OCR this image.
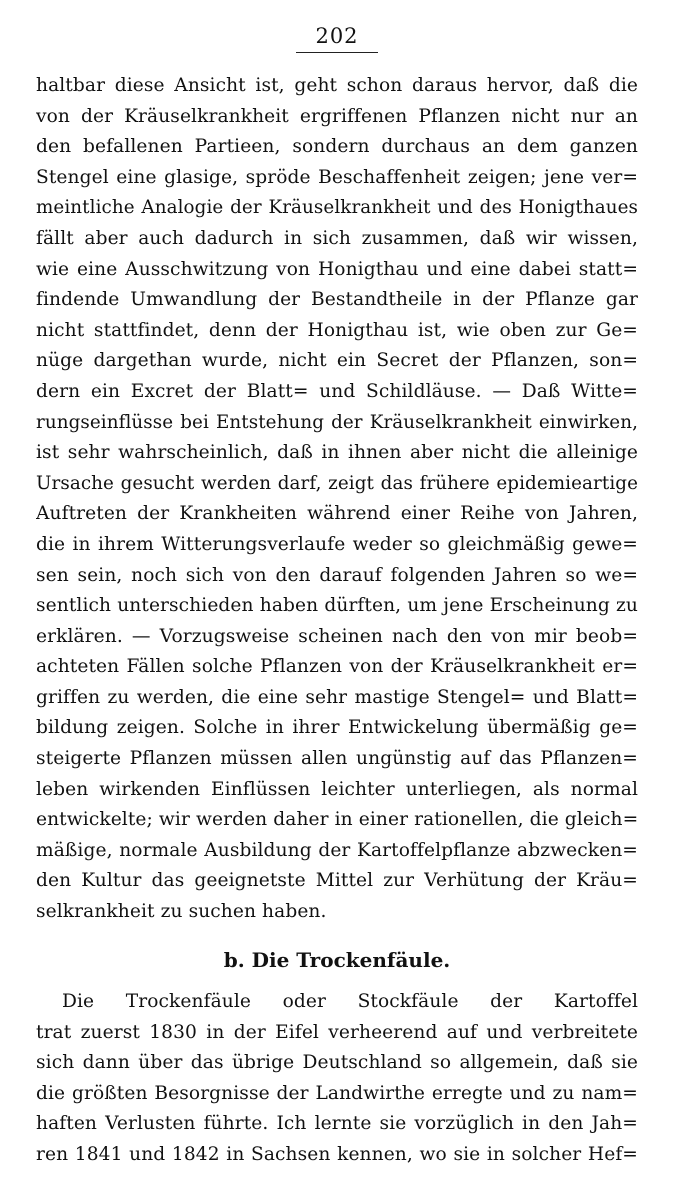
202
haltbar diese Ansicht ist, geht schon daraus hervor, daß die
von der Kräuselkrankheit ergriffenen Pflanzen nicht nur an
den befallenen Partieen, sondern durchaus an dem ganzen
Stengel eine glasige, spröde Beschaffenheit zeigen; jene ver=
meintliche Analogie der Kräuselkrankheit und des Honigthaues
fällt aber auch dadurch in sich zusammen, daß wir wissen,
wie eine Ausschwitzung von Honigthau und eine dabei statt=
findende Umwandlung der Bestandtheile in der Pflanze gar
nicht stattfindet, denn der Honigthau ist, wie oben zur Ge=
nüge dargethan wurde, nicht ein Secret der Pflanzen, son=
dern ein Excret der Blatt= und Schildläuse. — Daß Witte=
rungseinflüsse bei Entstehung der Kräuselkrankheit einwirken,
ist sehr wahrscheinlich, daß in ihnen aber nicht die alleinige
Ursache gesucht werden darf, zeigt das frühere epidemieartige
Auftreten der Krankheiten während einer Reihe von Jahren,
die in ihrem Witterungsverlaufe weder so gleichmäßig gewe=
sen sein, noch sich von den darauf folgenden Jahren so we=
sentlich unterschieden haben dürften, um jene Erscheinung zu
erklären. — Vorzugsweise scheinen nach den von mir beob=
achteten Fällen solche Pflanzen von der Kräuselkrankheit er=
griffen zu werden, die eine sehr mastige Stengel= und Blatt=
bildung zeigen. Solche in ihrer Entwickelung übermäßig ge=
steigerte Pflanzen müssen allen ungünstig auf das Pflanzen=
leben wirkenden Einflüssen leichter unterliegen, als normal
entwickelte; wir werden daher in einer rationellen, die gleich=
mäßige, normale Ausbildung der Kartoffelpflanze abzwecken=
den Kultur das geeignetste Mittel zur Verhütung der Kräu=
selkrankheit zu suchen haben.
b. Die Trockenfäule.
Die Trockenfäule oder Stockfäule der Kartoffel
trat zuerst 1830 in der Eifel verheerend auf und verbreitete
sich dann über das übrige Deutschland so allgemein, daß sie
die größten Besorgnisse der Landwirthe erregte und zu nam=
haften Verlusten führte. Ich lernte sie vorzüglich in den Jah=
ren 1841 und 1842 in Sachsen kennen, wo sie in solcher Hef=
